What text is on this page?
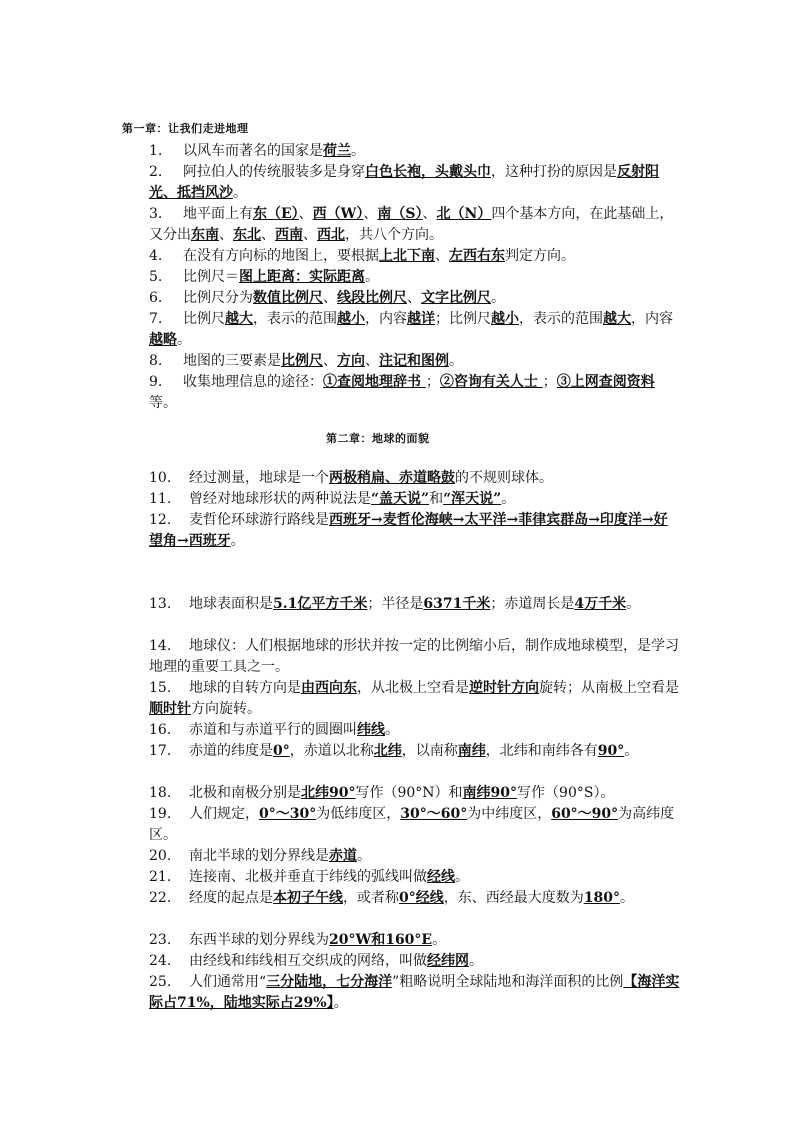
第一章：让我们走进地理
1. 以风车而著名的国家是荷兰。
2. 阿拉伯人的传统服装多是身穿白色长袍，头戴头巾，这种打扮的原因是反射阳光、抵挡风沙。
3. 地平面上有东（E）、西（W）、南（S）、北（N）四个基本方向，在此基础上，又分出东南、东北、西南、西北，共八个方向。
4. 在没有方向标的地图上，要根据上北下南、左西右东判定方向。
5. 比例尺＝图上距离：实际距离。
6. 比例尺分为数值比例尺、线段比例尺、文字比例尺。
7. 比例尺越大，表示的范围越小，内容越详；比例尺越小，表示的范围越大，内容越略。
8. 地图的三要素是比例尺、方向、注记和图例。
9. 收集地理信息的途径：①查阅地理辞书 ；②咨询有关人士 ；③上网查阅资料等。
第二章：地球的面貌
10. 经过测量，地球是一个两极稍扁、赤道略鼓的不规则球体。
11. 曾经对地球形状的两种说法是“盖天说”和“浑天说”。
12. 麦哲伦环球游行路线是西班牙→麦哲伦海峡→太平洋→菲律宾群岛→印度洋→好望角→西班牙。
13. 地球表面积是5.1亿平方千米；半径是6371千米；赤道周长是4万千米。
14. 地球仪：人们根据地球的形状并按一定的比例缩小后，制作成地球模型，是学习地理的重要工具之一。
15. 地球的自转方向是由西向东，从北极上空看是逆时针方向旋转；从南极上空看是顺时针方向旋转。
16. 赤道和与赤道平行的圆圈叫纬线。
17. 赤道的纬度是0°，赤道以北称北纬，以南称南纬，北纬和南纬各有90°。
18. 北极和南极分别是北纬90°写作（90°N）和南纬90°写作（90°S）。
19. 人们规定，0°～30°为低纬度区，30°～60°为中纬度区，60°～90°为高纬度区。
20. 南北半球的划分界线是赤道。
21. 连接南、北极并垂直于纬线的弧线叫做经线。
22. 经度的起点是本初子午线，或者称0°经线，东、西经最大度数为180°。
23. 东西半球的划分界线为20°W和160°E。
24. 由经线和纬线相互交织成的网络，叫做经纬网。
25. 人们通常用“三分陆地，七分海洋”粗略说明全球陆地和海洋面积的比例【海洋实际占71%，陆地实际占29%】。
